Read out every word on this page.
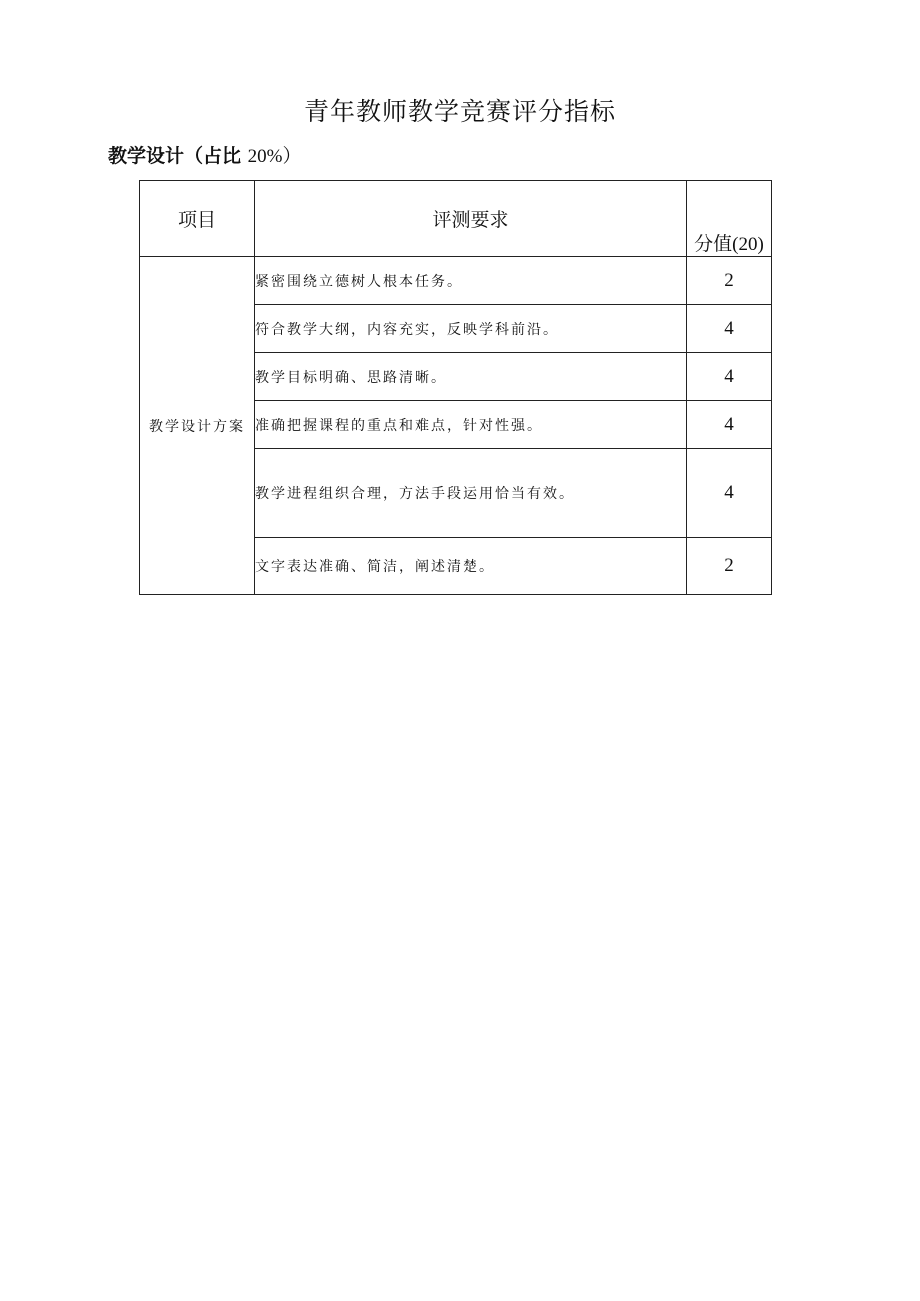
青年教师教学竞赛评分指标

教学设计（占比 20%）

项目	评测要求	分值(20)
教学设计方案	紧密围绕立德树人根本任务。	2
	符合教学大纲，内容充实，反映学科前沿。	4
	教学目标明确、思路清晰。	4
	准确把握课程的重点和难点，针对性强。	4
	教学进程组织合理，方法手段运用恰当有效。	4
	文字表达准确、简洁，阐述清楚。	2
